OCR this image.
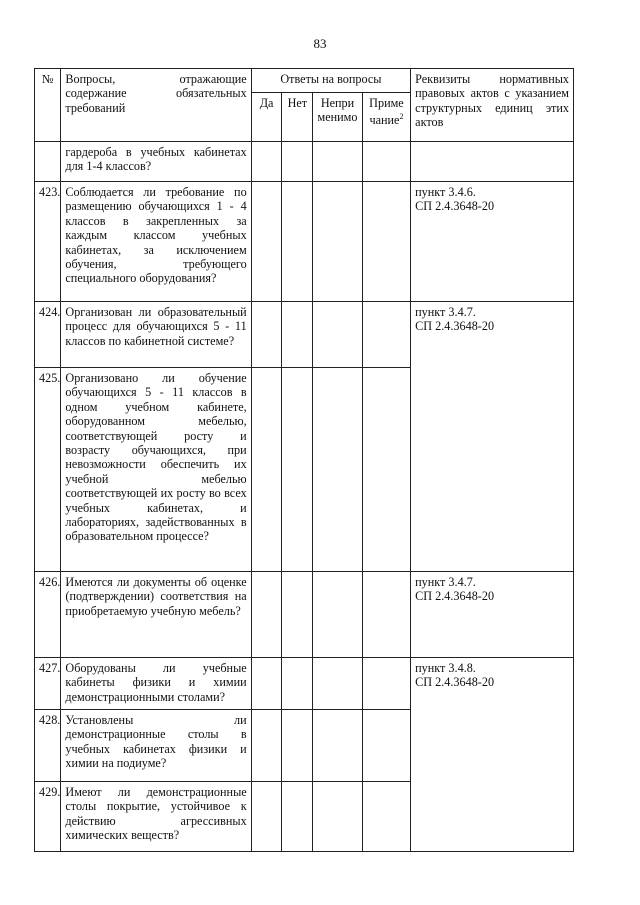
83
№	Вопросы, отражающие содержание обязательных требований	Ответы на вопросы				Реквизиты нормативных правовых актов с указанием структурных единиц этих актов
		Да	Нет	Неприменимо	Примечание$^2$
	гардероба в учебных кабинетах для 1-4 классов?					
423.	Соблюдается ли требование по размещению обучающихся 1 - 4 классов в закрепленных за каждым классом учебных кабинетах, за исключением обучения, требующего специального оборудования?					пункт 3.4.6.
СП 2.4.3648-20

424.	Организован ли образовательный процесс для обучающихся 5 - 11 классов по кабинетной системе?					пункт 3.4.7.
СП 2.4.3648-20

425.	Организовано ли обучение обучающихся 5 - 11 классов в одном учебном кабинете, оборудованном мебелью, соответствующей росту и возрасту обучающихся, при невозможности обеспечить их учебной мебелью соответствующей их росту во всех учебных кабинетах, и лабораториях, задействованных в образовательном процессе?					
426.	Имеются ли документы об оценке (подтверждении) соответствия на приобретаемую учебную мебель?					пункт 3.4.7.
СП 2.4.3648-20

427.	Оборудованы ли учебные кабинеты физики и химии демонстрационными столами?					пункт 3.4.8.
СП 2.4.3648-20

428.	Установлены ли демонстрационные столы в учебных кабинетах физики и химии на подиуме?					
429.	Имеют ли демонстрационные столы покрытие, устойчивое к действию агрессивных химических веществ?					
